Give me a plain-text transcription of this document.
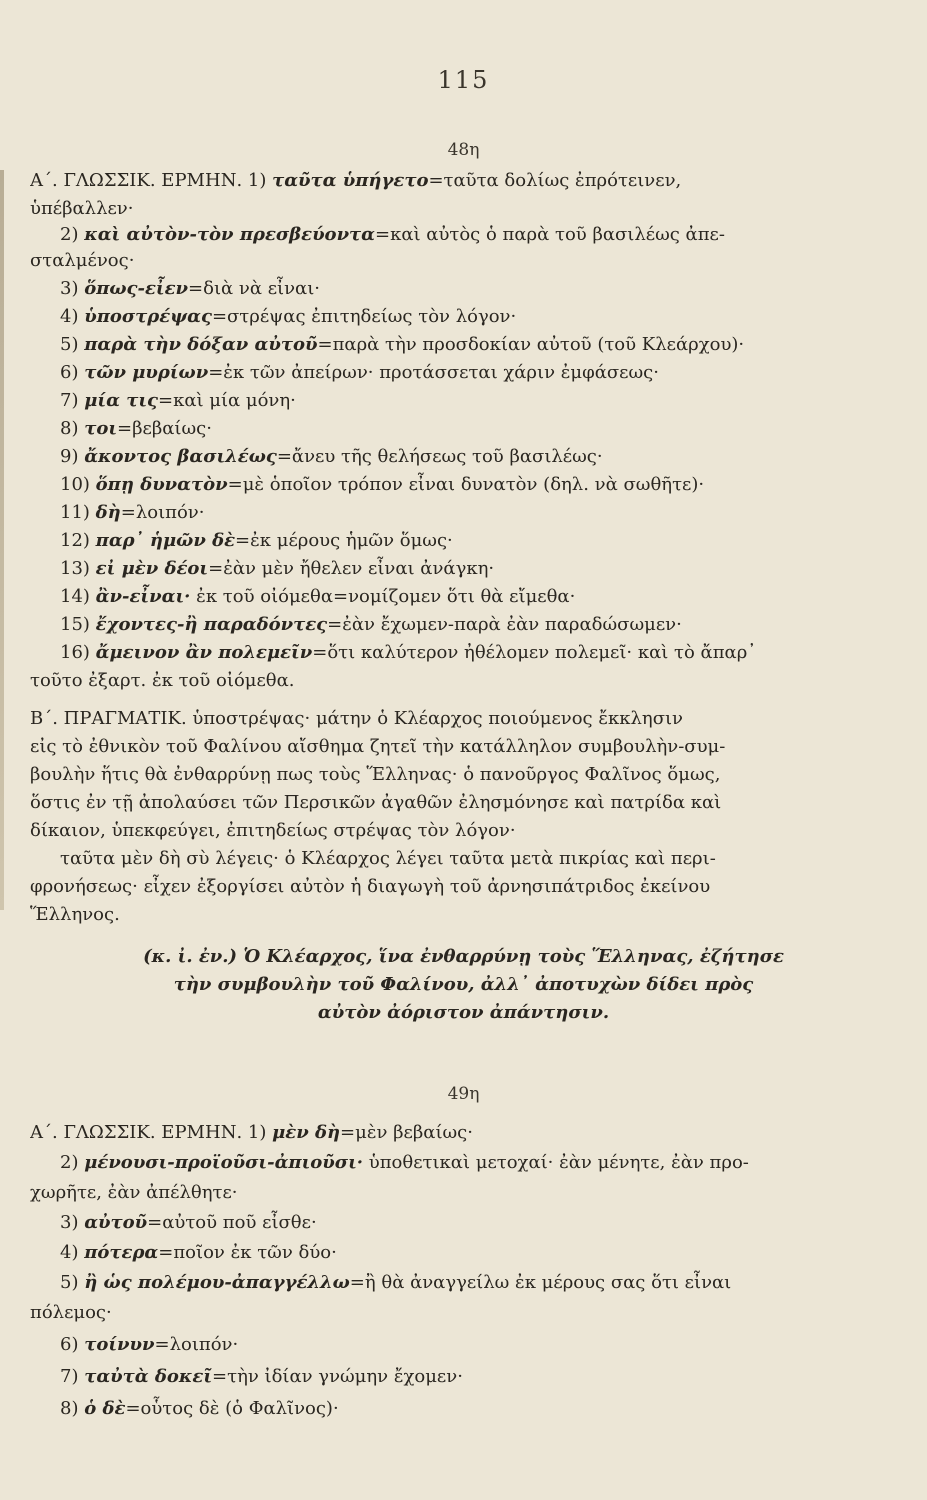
115
48η
Α΄. ΓΛΩΣΣΙΚ. ΕΡΜΗΝ. 1) ταῦτα ὑπήγετο=ταῦτα δολίως ἐπρότεινεν,
ὑπέβαλλεν·
2) καὶ αὐτὸν-τὸν πρεσβεύοντα=καὶ αὐτὸς ὁ παρὰ τοῦ βασιλέως ἀπε-
σταλμένος·
3) ὅπως-εἶεν=διὰ νὰ εἶναι·
4) ὑποστρέψας=στρέψας ἐπιτηδείως τὸν λόγον·
5) παρὰ τὴν δόξαν αὐτοῦ=παρὰ τὴν προσδοκίαν αὐτοῦ (τοῦ Κλεάρχου)·
6) τῶν μυρίων=ἐκ τῶν ἀπείρων· προτάσσεται χάριν ἐμφάσεως·
7) μία τις=καὶ μία μόνη·
8) τοι=βεβαίως·
9) ἄκοντος βασιλέως=ἄνευ τῆς θελήσεως τοῦ βασιλέως·
10) ὅπῃ δυνατὸν=μὲ ὁποῖον τρόπον εἶναι δυνατὸν (δηλ. νὰ σωθῆτε)·
11) δὴ=λοιπόν·
12) παρ᾽ ἡμῶν δὲ=ἐκ μέρους ἡμῶν ὅμως·
13) εἰ μὲν δέοι=ἐὰν μὲν ἤθελεν εἶναι ἀνάγκη·
14) ἂν-εἶναι· ἐκ τοῦ οἰόμεθα=νομίζομεν ὅτι θὰ εἴμεθα·
15) ἔχοντες-ἢ παραδόντες=ἐὰν ἔχωμεν-παρὰ ἐὰν παραδώσωμεν·
16) ἄμεινον ἂν πολεμεῖν=ὅτι καλύτερον ἠθέλομεν πολεμεῖ· καὶ τὸ ἄπαρ᾽
τοῦτο ἐξαρτ. ἐκ τοῦ οἰόμεθα.
Β΄. ΠΡΑΓΜΑΤΙΚ. ὑποστρέψας· μάτην ὁ Κλέαρχος ποιούμενος ἔκκλησιν
εἰς τὸ ἐθνικὸν τοῦ Φαλίνου αἴσθημα ζητεῖ τὴν κατάλληλον συμβουλὴν-συμ-
βουλὴν ἥτις θὰ ἐνθαρρύνῃ πως τοὺς Ἕλληνας· ὁ πανοῦργος Φαλῖνος ὅμως,
ὅστις ἐν τῇ ἀπολαύσει τῶν Περσικῶν ἀγαθῶν ἐλησμόνησε καὶ πατρίδα καὶ
δίκαιον, ὑπεκφεύγει, ἐπιτηδείως στρέψας τὸν λόγον·
ταῦτα μὲν δὴ σὺ λέγεις· ὁ Κλέαρχος λέγει ταῦτα μετὰ πικρίας καὶ περι-
φρονήσεως· εἶχεν ἐξοργίσει αὐτὸν ἡ διαγωγὴ τοῦ ἀρνησιπάτριδος ἐκείνου
Ἕλληνος.
(κ. ἰ. ἐν.) Ὁ Κλέαρχος, ἵνα ἐνθαρρύνῃ τοὺς Ἕλληνας, ἐζήτησε
τὴν συμβουλὴν τοῦ Φαλίνου, ἀλλ᾽ ἀποτυχὼν δίδει πρὸς
αὐτὸν ἀόριστον ἀπάντησιν.
49η
Α΄. ΓΛΩΣΣΙΚ. ΕΡΜΗΝ. 1) μὲν δὴ=μὲν βεβαίως·
2) μένουσι-προϊοῦσι-ἀπιοῦσι· ὑποθετικαὶ μετοχαί· ἐὰν μένητε, ἐὰν προ-
χωρῆτε, ἐὰν ἀπέλθητε·
3) αὐτοῦ=αὐτοῦ ποῦ εἶσθε·
4) πότερα=ποῖον ἐκ τῶν δύο·
5) ἢ ὡς πολέμου-ἀπαγγέλλω=ἢ θὰ ἀναγγείλω ἐκ μέρους σας ὅτι εἶναι
πόλεμος·
6) τοίνυν=λοιπόν·
7) ταὐτὰ δοκεῖ=τὴν ἰδίαν γνώμην ἔχομεν·
8) ὁ δὲ=οὗτος δὲ (ὁ Φαλῖνος)·
